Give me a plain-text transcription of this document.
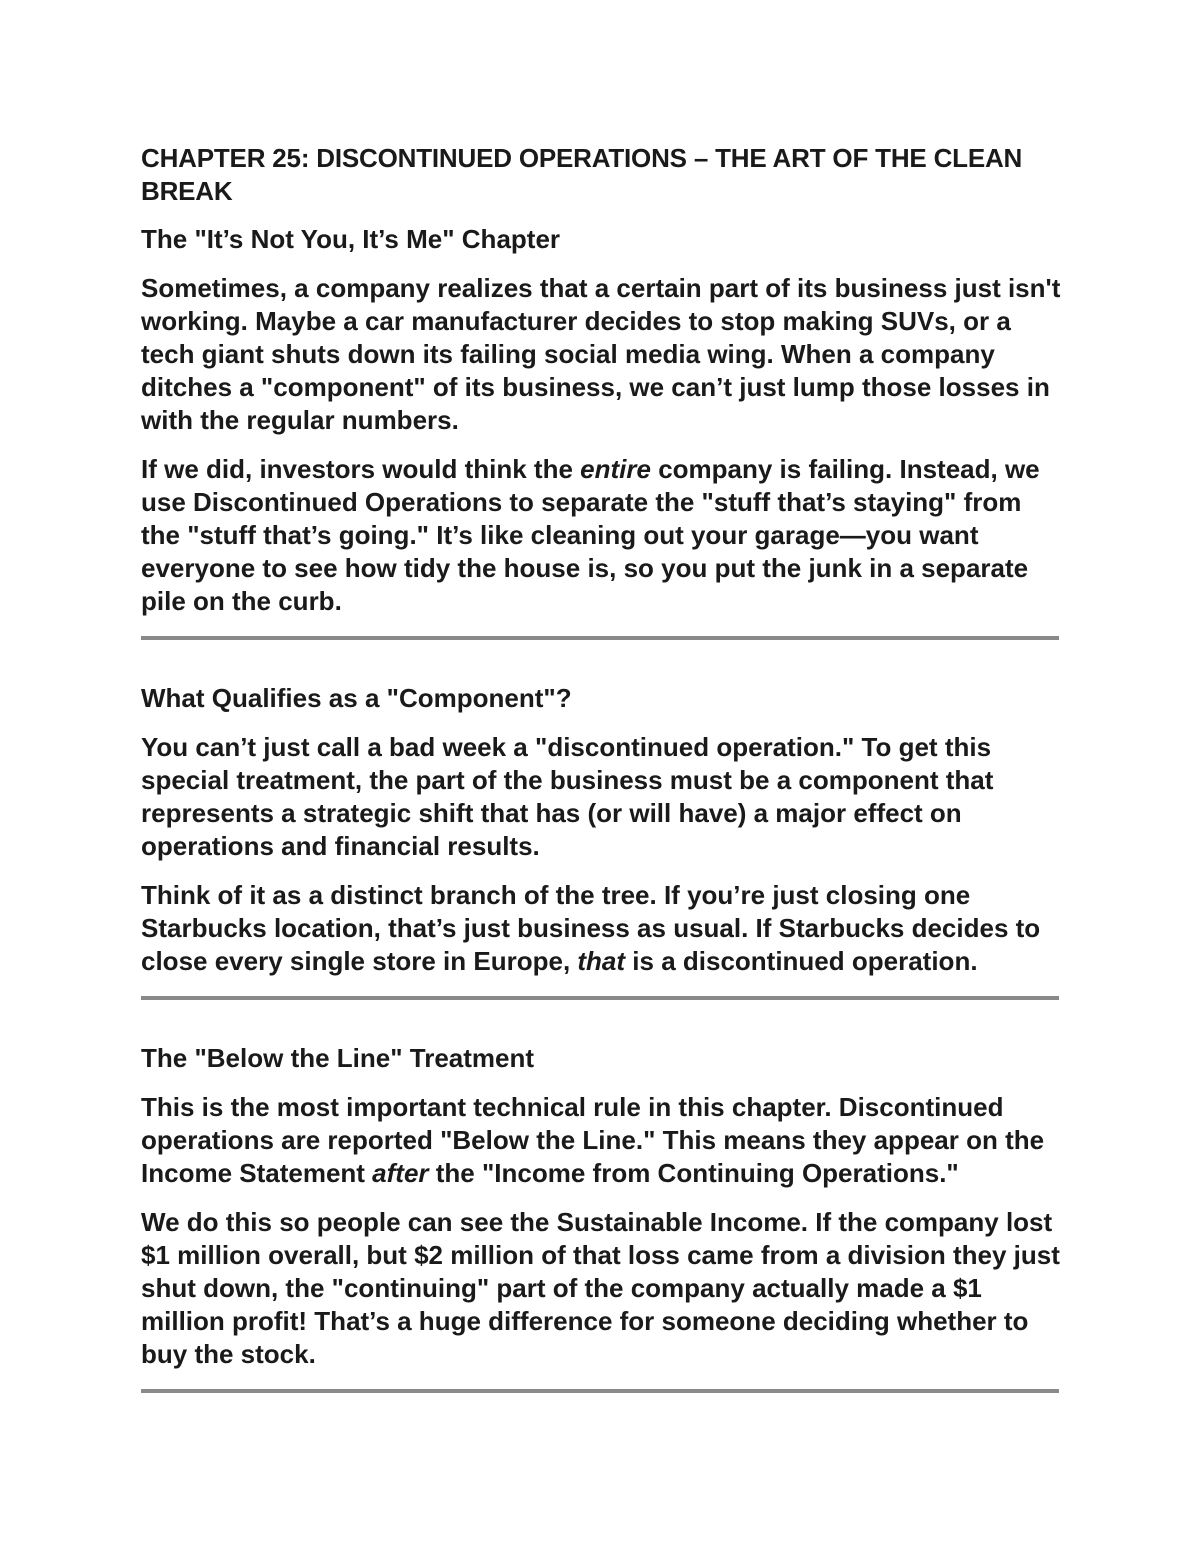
CHAPTER 25: DISCONTINUED OPERATIONS – THE ART OF THE CLEAN BREAK
The "It’s Not You, It’s Me" Chapter

Sometimes, a company realizes that a certain part of its business just isn't working. Maybe a car manufacturer decides to stop making SUVs, or a tech giant shuts down its failing social media wing. When a company ditches a "component" of its business, we can’t just lump those losses in with the regular numbers.

If we did, investors would think the entire company is failing. Instead, we use Discontinued Operations to separate the "stuff that’s staying" from the "stuff that’s going." It’s like cleaning out your garage—you want everyone to see how tidy the house is, so you put the junk in a separate pile on the curb.

What Qualifies as a "Component"?

You can’t just call a bad week a "discontinued operation." To get this special treatment, the part of the business must be a component that represents a strategic shift that has (or will have) a major effect on operations and financial results.

Think of it as a distinct branch of the tree. If you’re just closing one Starbucks location, that’s just business as usual. If Starbucks decides to close every single store in Europe, that is a discontinued operation.

The "Below the Line" Treatment

This is the most important technical rule in this chapter. Discontinued operations are reported "Below the Line." This means they appear on the Income Statement after the "Income from Continuing Operations."

We do this so people can see the Sustainable Income. If the company lost $1 million overall, but $2 million of that loss came from a division they just shut down, the "continuing" part of the company actually made a $1 million profit! That’s a huge difference for someone deciding whether to buy the stock.
